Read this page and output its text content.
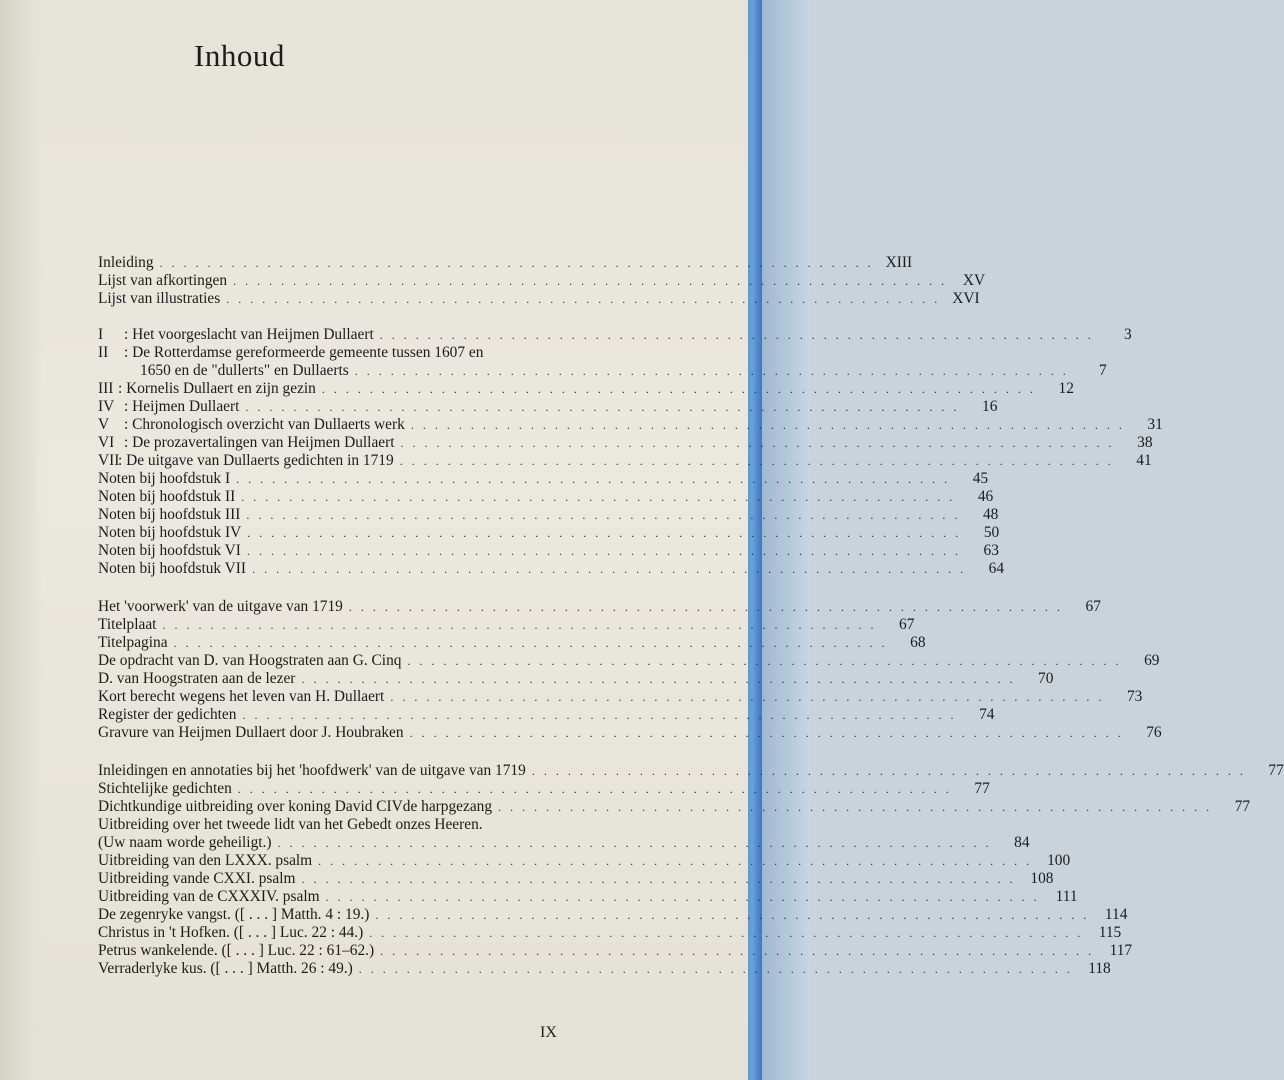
Inhoud
Inleiding ............................................................ XIII
Lijst van afkortingen ............................................................ XV
Lijst van illustraties ............................................................ XVI
I : Het voorgeslacht van Heijmen Dullaert ............................................................	3
II : De Rotterdamse gereformeerde gemeente tussen 1607 en
1650 en de "dullerts" en Dullaerts ............................................................	7
III : Kornelis Dullaert en zijn gezin ............................................................	12
IV : Heijmen Dullaert ............................................................	16
V : Chronologisch overzicht van Dullaerts werk ............................................................	31
VI : De prozavertalingen van Heijmen Dullaert ............................................................	38
VII: De uitgave van Dullaerts gedichten in 1719 ............................................................	41
Noten bij hoofdstuk I ............................................................	45
Noten bij hoofdstuk II ............................................................	46
Noten bij hoofdstuk III ............................................................	48
Noten bij hoofdstuk IV ............................................................	50
Noten bij hoofdstuk VI ............................................................	63
Noten bij hoofdstuk VII ............................................................	64
Het 'voorwerk' van de uitgave van 1719 ............................................................	67
Titelplaat ............................................................	67
Titelpagina ............................................................	68
De opdracht van D. van Hoogstraten aan G. Cinq ............................................................	69
D. van Hoogstraten aan de lezer ............................................................	70
Kort berecht wegens het leven van H. Dullaert ............................................................	73
Register der gedichten ............................................................	74
Gravure van Heijmen Dullaert door J. Houbraken ............................................................	76
Inleidingen en annotaties bij het 'hoofdwerk' van de uitgave van 1719 ............................................................	77
Stichtelijke gedichten ............................................................	77
Dichtkundige uitbreiding over koning David CIVde harpgezang ............................................................	77
Uitbreiding over het tweede lidt van het Gebedt onzes Heeren.
(Uw naam worde geheiligt.) ............................................................	84
Uitbreiding van den LXXX. psalm ............................................................ 100
Uitbreiding vande CXXI. psalm ............................................................ 108
Uitbreiding van de CXXXIV. psalm ............................................................ 111
De zegenryke vangst. ([ . . . ] Matth. 4 : 19.) ............................................................ 114
Christus in 't Hofken. ([ . . . ] Luc. 22 : 44.) ............................................................ 115
Petrus wankelende. ([ . . . ] Luc. 22 : 61–62.) ............................................................ 117
Verraderlyke kus. ([ . . . ] Matth. 26 : 49.) ............................................................ 118
IX
